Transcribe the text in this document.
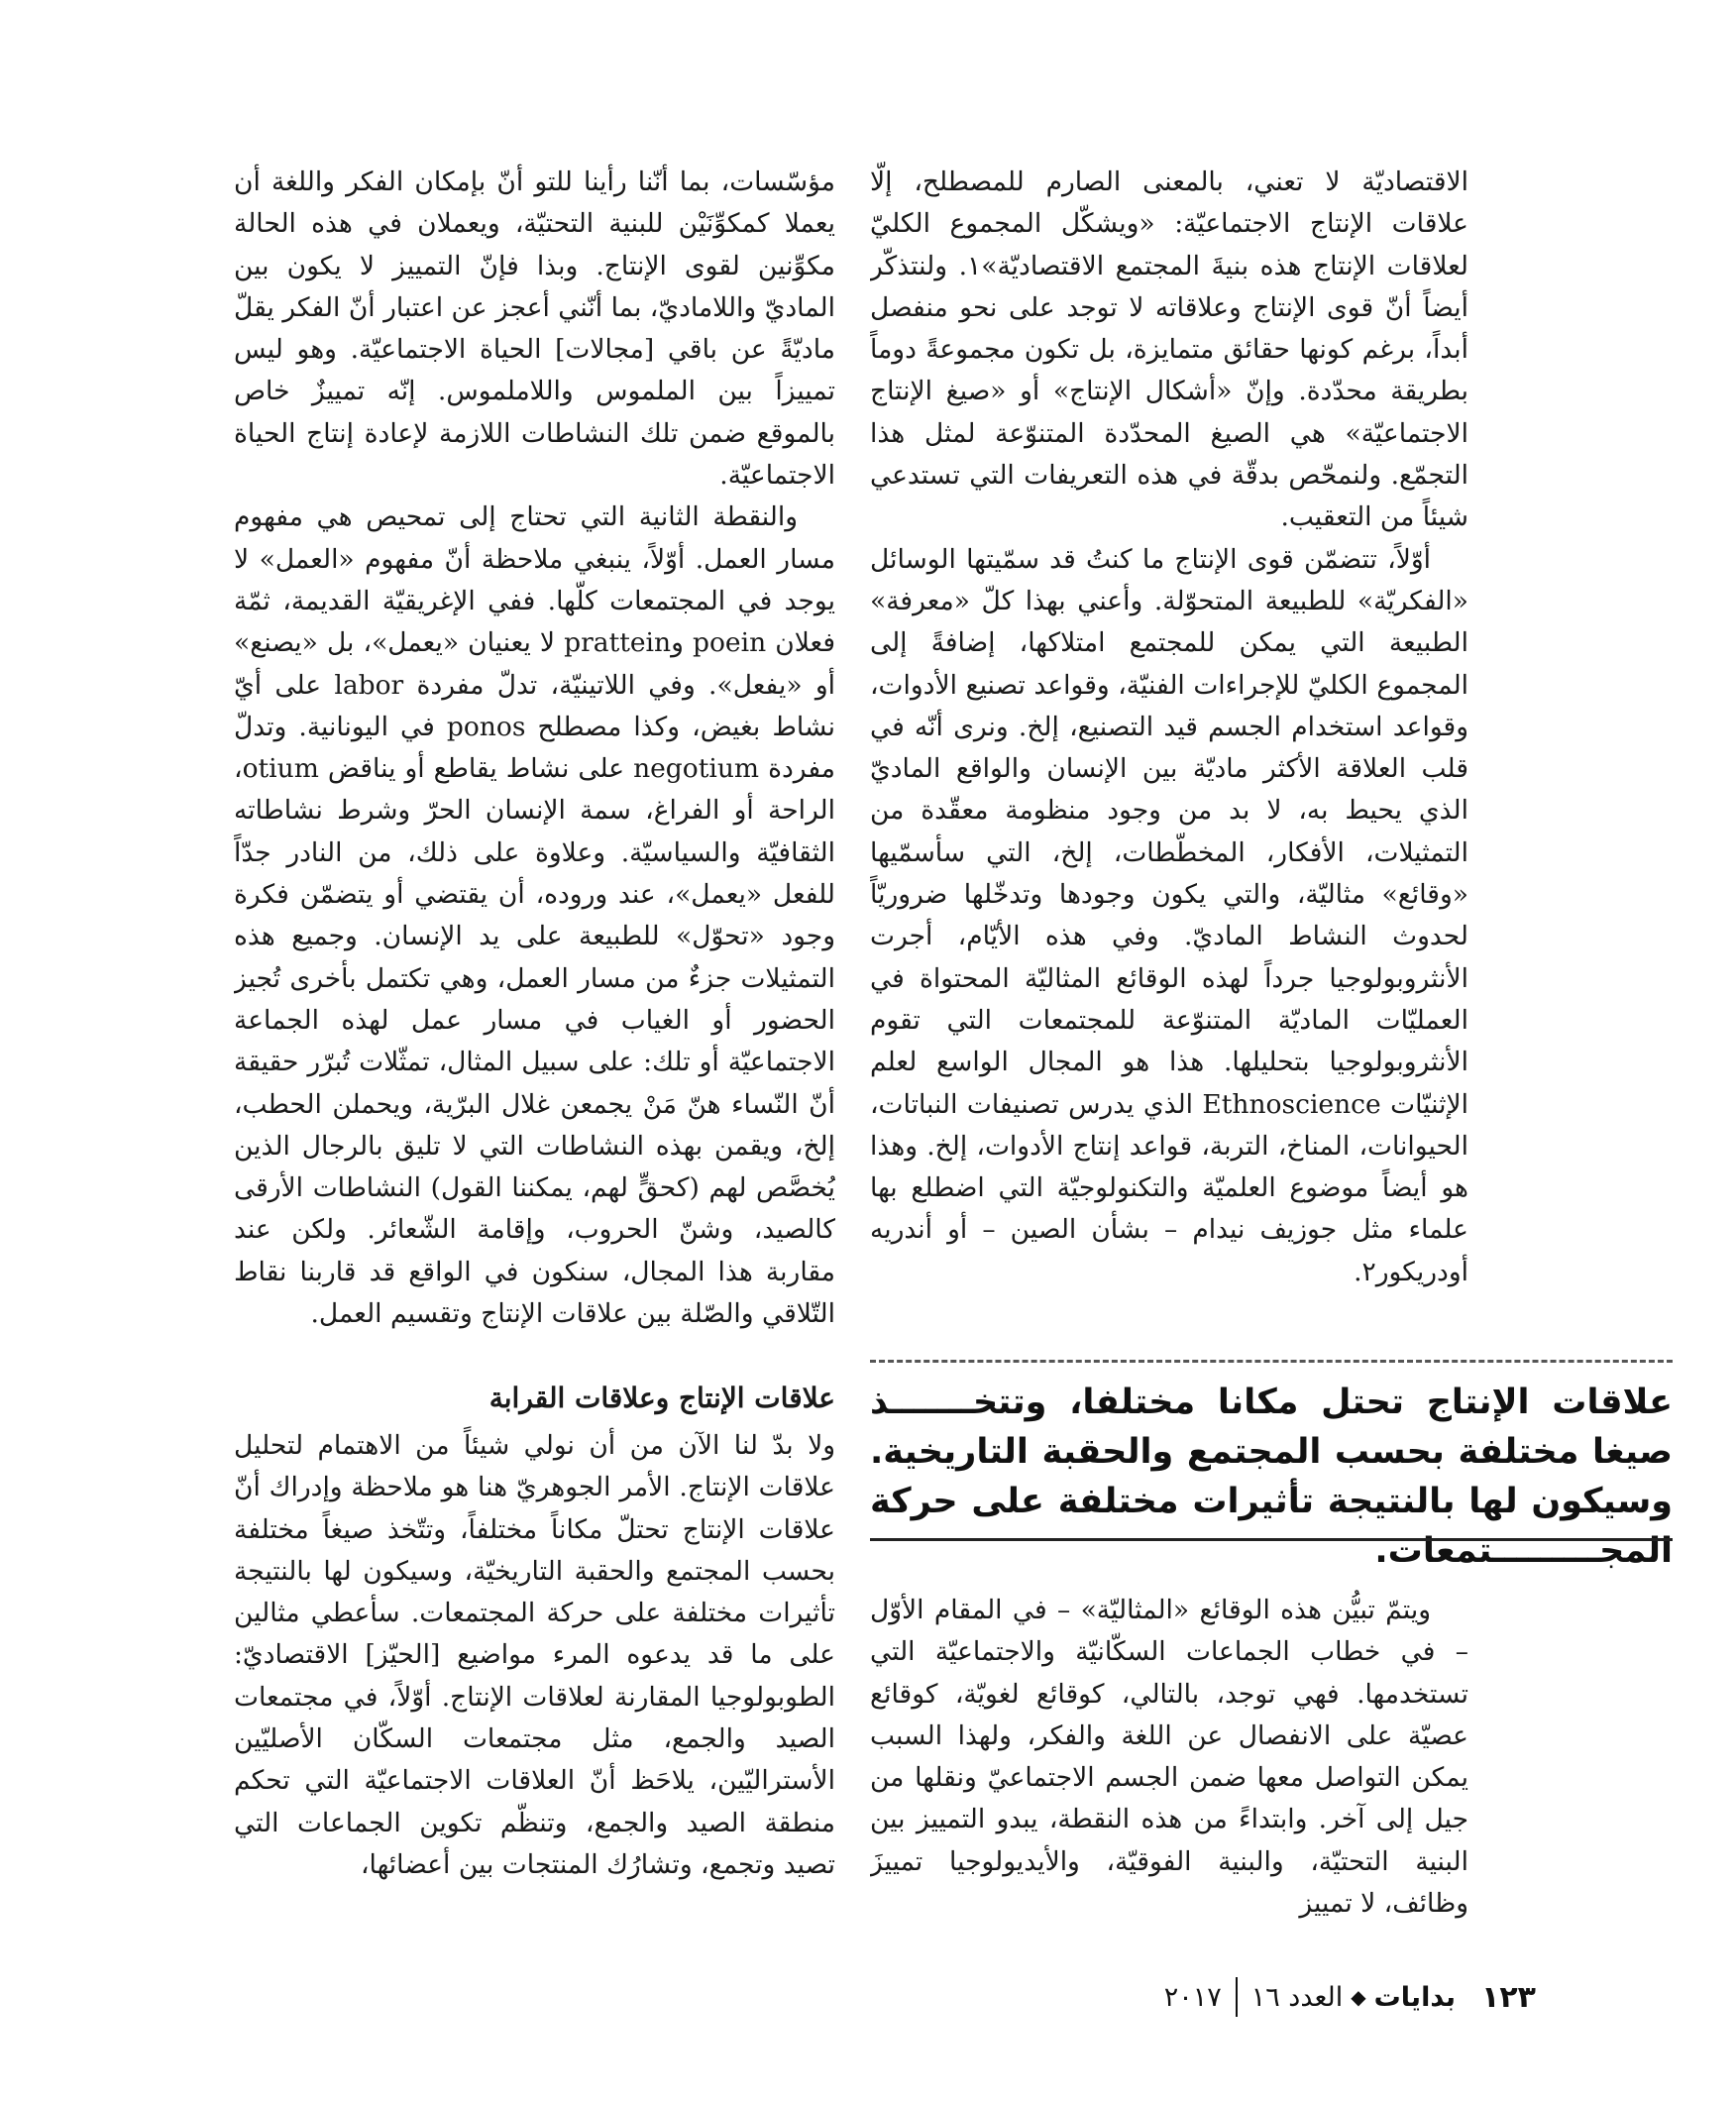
الاقتصاديّة لا تعني، بالمعنى الصارم للمصطلح، إلّا علاقات الإنتاج الاجتماعيّة: «ويشكّل المجموع الكليّ لعلاقات الإنتاج هذه بنيةَ المجتمع الاقتصاديّة»١. ولنتذكّر أيضاً أنّ قوى الإنتاج وعلاقاته لا توجد على نحو منفصل أبداً، برغم كونها حقائق متمايزة، بل تكون مجموعةً دوماً بطريقة محدّدة. وإنّ «أشكال الإنتاج» أو «صيغ الإنتاج الاجتماعيّة» هي الصيغ المحدّدة المتنوّعة لمثل هذا التجمّع. ولنمحّص بدقّة في هذه التعريفات التي تستدعي شيئاً من التعقيب.

أوّلاً، تتضمّن قوى الإنتاج ما كنتُ قد سمّيتها الوسائل «الفكريّة» للطبيعة المتحوّلة. وأعني بهذا كلّ «معرفة» الطبيعة التي يمكن للمجتمع امتلاكها، إضافةً إلى المجموع الكليّ للإجراءات الفنيّة، وقواعد تصنيع الأدوات، وقواعد استخدام الجسم قيد التصنيع، إلخ. ونرى أنّه في قلب العلاقة الأكثر ماديّة بين الإنسان والواقع الماديّ الذي يحيط به، لا بد من وجود منظومة معقّدة من التمثيلات، الأفكار، المخطّطات، إلخ، التي سأسمّيها «وقائع» مثاليّة، والتي يكون وجودها وتدخّلها ضروريّاً لحدوث النشاط الماديّ. وفي هذه الأيّام، أجرت الأنثروبولوجيا جرداً لهذه الوقائع المثاليّة المحتواة في العمليّات الماديّة المتنوّعة للمجتمعات التي تقوم الأنثروبولوجيا بتحليلها. هذا هو المجال الواسع لعلم الإثنيّات Ethnoscience الذي يدرس تصنيفات النباتات، الحيوانات، المناخ، التربة، قواعد إنتاج الأدوات، إلخ. وهذا هو أيضاً موضوع العلميّة والتكنولوجيّة التي اضطلع بها علماء مثل جوزيف نيدام – بشأن الصين – أو أندريه أودريكور٢.

مؤسّسات، بما أنّنا رأينا للتو أنّ بإمكان الفكر واللغة أن يعملا كمكوِّنَيْن للبنية التحتيّة، ويعملان في هذه الحالة مكوِّنين لقوى الإنتاج. وبذا فإنّ التمييز لا يكون بين الماديّ واللاماديّ، بما أنّني أعجز عن اعتبار أنّ الفكر يقلّ ماديّةً عن باقي [مجالات] الحياة الاجتماعيّة. وهو ليس تمييزاً بين الملموس واللاملموس. إنّه تمييزٌ خاص بالموقع ضمن تلك النشاطات اللازمة لإعادة إنتاج الحياة الاجتماعيّة.

والنقطة الثانية التي تحتاج إلى تمحيص هي مفهوم مسار العمل. أوّلاً، ينبغي ملاحظة أنّ مفهوم «العمل» لا يوجد في المجتمعات كلّها. ففي الإغريقيّة القديمة، ثمّة فعلان poein وprattein لا يعنيان «يعمل»، بل «يصنع» أو «يفعل». وفي اللاتينيّة، تدلّ مفردة labor على أيّ نشاط بغيض، وكذا مصطلح ponos في اليونانية. وتدلّ مفردة negotium على نشاط يقاطع أو يناقض otium، الراحة أو الفراغ، سمة الإنسان الحرّ وشرط نشاطاته الثقافيّة والسياسيّة. وعلاوة على ذلك، من النادر جدّاً للفعل «يعمل»، عند وروده، أن يقتضي أو يتضمّن فكرة وجود «تحوّل» للطبيعة على يد الإنسان. وجميع هذه التمثيلات جزءٌ من مسار العمل، وهي تكتمل بأخرى تُجيز الحضور أو الغياب في مسار عمل لهذه الجماعة الاجتماعيّة أو تلك: على سبيل المثال، تمثّلات تُبرّر حقيقة أنّ النّساء هنّ مَنْ يجمعن غلال البرّية، ويحملن الحطب، إلخ، ويقمن بهذه النشاطات التي لا تليق بالرجال الذين يُخصَّص لهم (كحقٍّ لهم، يمكننا القول) النشاطات الأرقى كالصيد، وشنّ الحروب، وإقامة الشّعائر. ولكن عند مقاربة هذا المجال، سنكون في الواقع قد قاربنا نقاط التّلاقي والصّلة بين علاقات الإنتاج وتقسيم العمل.

علاقات الإنتاج وعلاقات القرابة

ولا بدّ لنا الآن من أن نولي شيئاً من الاهتمام لتحليل علاقات الإنتاج. الأمر الجوهريّ هنا هو ملاحظة وإدراك أنّ علاقات الإنتاج تحتلّ مكاناً مختلفاً، وتتّخذ صيغاً مختلفة بحسب المجتمع والحقبة التاريخيّة، وسيكون لها بالنتيجة تأثيرات مختلفة على حركة المجتمعات. سأعطي مثالين على ما قد يدعوه المرء مواضيع [الحيّز] الاقتصاديّ: الطوبولوجيا المقارنة لعلاقات الإنتاج. أوّلاً، في مجتمعات الصيد والجمع، مثل مجتمعات السكّان الأصليّين الأستراليّين، يلاحَظ أنّ العلاقات الاجتماعيّة التي تحكم منطقة الصيد والجمع، وتنظّم تكوين الجماعات التي تصيد وتجمع، وتشارُك المنتجات بين أعضائها،

علاقات الإنتاج تحتل مكانا مختلفا، وتتخـــــــذ صيغا مختلفة بحسب المجتمع والحقبة التاريخية. وسيكون لها بالنتيجة تأثيرات مختلفة على حركة المجـــــــــتمعات.

ويتمّ تبيُّن هذه الوقائع «المثاليّة» – في المقام الأوّل – في خطاب الجماعات السكّانيّة والاجتماعيّة التي تستخدمها. فهي توجد، بالتالي، كوقائع لغويّة، كوقائع عصيّة على الانفصال عن اللغة والفكر، ولهذا السبب يمكن التواصل معها ضمن الجسم الاجتماعيّ ونقلها من جيل إلى آخر. وابتداءً من هذه النقطة، يبدو التمييز بين البنية التحتيّة، والبنية الفوقيّة، والأيديولوجيا تمييزَ وظائف، لا تمييز

١٢٣
بدايات
◆
العدد ١٦
٢٠١٧
